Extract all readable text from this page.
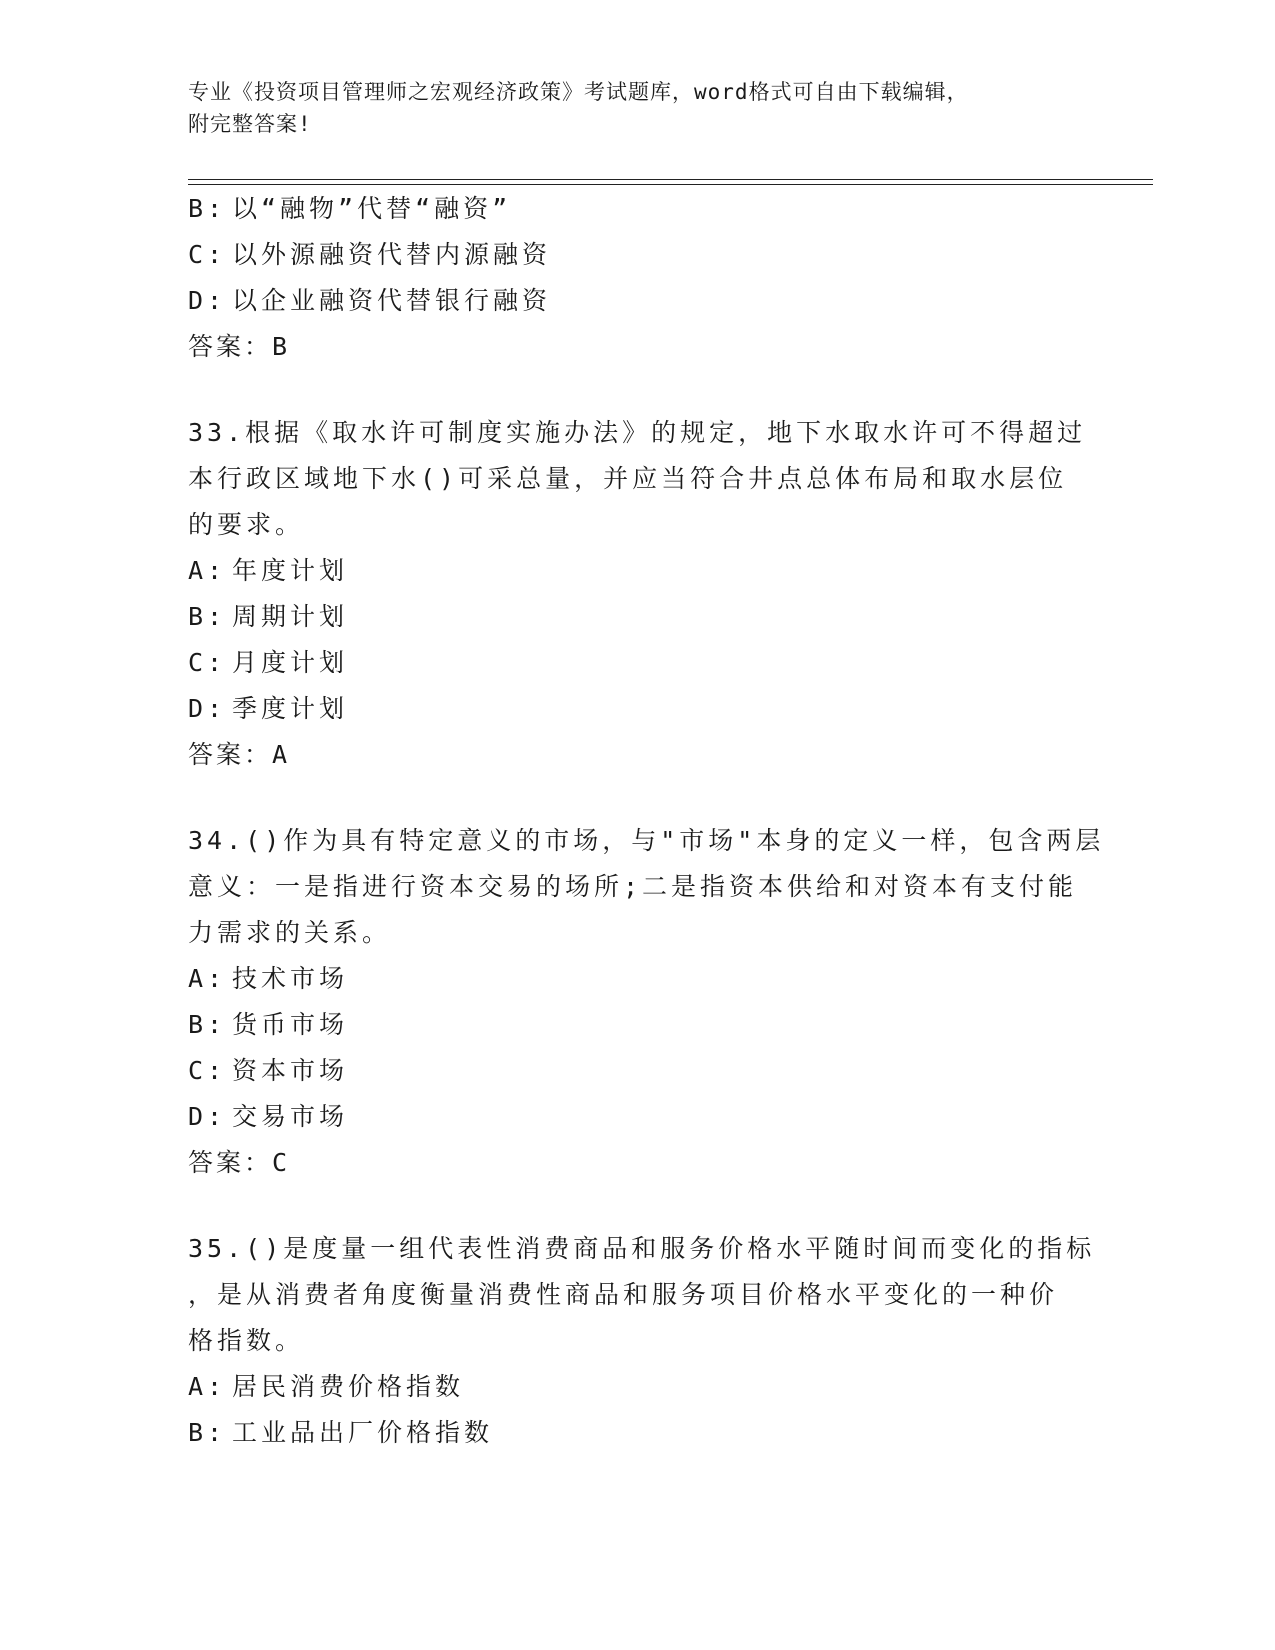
专业《投资项目管理师之宏观经济政策》考试题库，word格式可自由下载编辑，
附完整答案!
B: 以“融物”代替“融资”
C: 以外源融资代替内源融资
D: 以企业融资代替银行融资
答案：B
33.根据《取水许可制度实施办法》的规定，地下水取水许可不得超过
本行政区域地下水()可采总量，并应当符合井点总体布局和取水层位
的要求。
A: 年度计划
B: 周期计划
C: 月度计划
D: 季度计划
答案：A
34.()作为具有特定意义的市场，与"市场"本身的定义一样，包含两层
意义：一是指进行资本交易的场所;二是指资本供给和对资本有支付能
力需求的关系。
A: 技术市场
B: 货币市场
C: 资本市场
D: 交易市场
答案：C
35.()是度量一组代表性消费商品和服务价格水平随时间而变化的指标
，是从消费者角度衡量消费性商品和服务项目价格水平变化的一种价
格指数。
A: 居民消费价格指数
B: 工业品出厂价格指数
